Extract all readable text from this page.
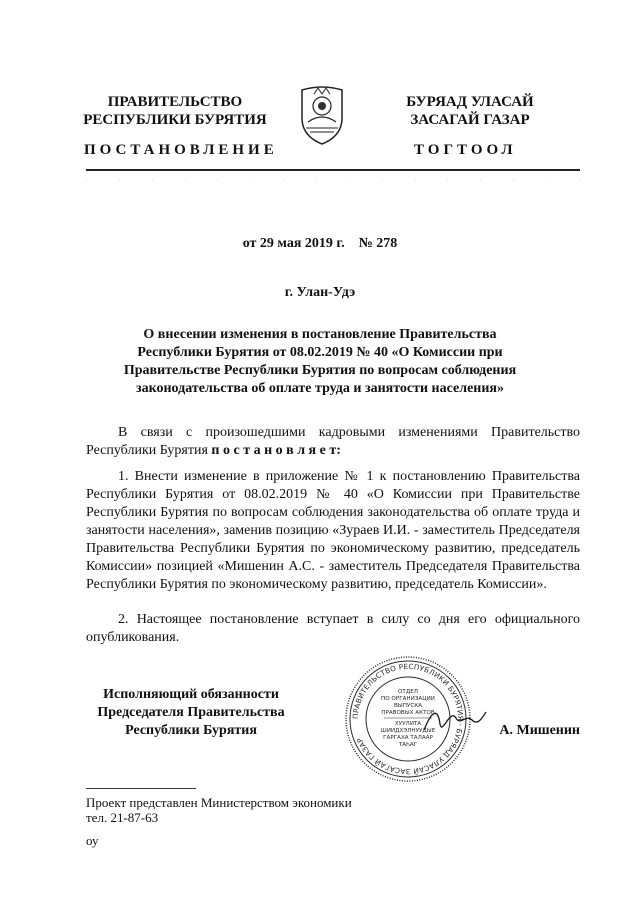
ПРАВИТЕЛЬСТВО
РЕСПУБЛИКИ БУРЯТИЯ
ПОСТАНОВЛЕНИЕ
БУРЯАД УЛАСАЙ
ЗАСАГАЙ ГАЗАР
ТОГТООЛ
.	.	.	.	.	.	.	.	.	.	.	.	.	.	.	.
от 29 мая 2019 г. № 278
г. Улан-Удэ
О внесении изменения в постановление Правительства
Республики Бурятия от 08.02.2019 № 40 «О Комиссии при
Правительстве Республики Бурятия по вопросам соблюдения
законодательства об оплате труда и занятости населения»
В связи с произошедшими кадровыми изменениями Правительство Республики Бурятия п о с т а н о в л я е т:
1. Внести изменение в приложение № 1 к постановлению Правительства Республики Бурятия от 08.02.2019 № 40 «О Комиссии при Правительстве Республики Бурятия по вопросам соблюдения законодательства об оплате труда и занятости населения», заменив позицию «Зураев И.И. - заместитель Председателя Правительства Республики Бурятия по экономическому развитию, председатель Комиссии» позицией «Мишенин А.С. - заместитель Председателя Правительства Республики Бурятия по экономическому развитию, председатель Комиссии».
2. Настоящее постановление вступает в силу со дня его официального опубликования.
Исполняющий обязанности
Председателя Правительства
Республики Бурятия	А. Мишенин
ПРАВИТЕЛЬСТВО РЕСПУБЛИКИ БУРЯТИЯ · БУРЯАД УЛАСАЙ ЗАСАГАЙ ГАЗАР
ОТДЕЛ
ПО ОРГАНИЗАЦИИ
ВЫПУСКА
ПРАВОВЫХ АКТОВ
ХУУЛИТА
ШИИДХЭЛНУУДЫЕ
ГАРГАХА ТАЛААР
ТАҺАГ
Проект представлен Министерством экономики
тел. 21-87-63
оу
